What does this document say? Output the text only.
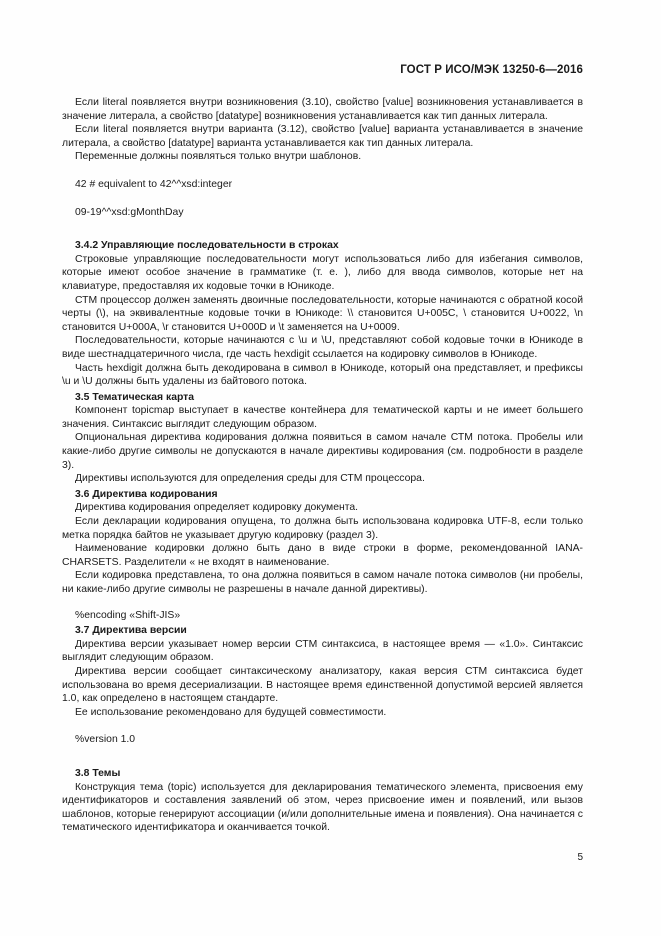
ГОСТ Р ИСО/МЭК 13250-6—2016

Если literal появляется внутри возникновения (3.10), свойство [value] возникновения устанавливается в значение литерала, а свойство [datatype] возникновения устанавливается как тип данных литерала.

Если literal появляется внутри варианта (3.12), свойство [value] варианта устанавливается в значение литерала, а свойство [datatype] варианта устанавливается как тип данных литерала.

Переменные должны появляться только внутри шаблонов.

42 # equivalent to 42^^xsd:integer

09-19^^xsd:gMonthDay

3.4.2 Управляющие последовательности в строках

Строковые управляющие последовательности могут использоваться либо для избегания символов, которые имеют особое значение в грамматике (т. е. ), либо для ввода символов, которые нет на клавиатуре, предоставляя их кодовые точки в Юникоде.

СТМ процессор должен заменять двоичные последовательности, которые начинаются с обратной косой черты (\), на эквивалентные кодовые точки в Юникоде: \\ становится U+005C, \ становится U+0022, \n становится U+000A, \r становится U+000D и \t заменяется на U+0009.

Последовательности, которые начинаются с \u и \U, представляют собой кодовые точки в Юникоде в виде шестнадцатеричного числа, где часть hexdigit ссылается на кодировку символов в Юникоде.

Часть hexdigit должна быть декодирована в символ в Юникоде, который она представляет, и префиксы \u и \U должны быть удалены из байтового потока.

3.5 Тематическая карта

Компонент topicmap выступает в качестве контейнера для тематической карты и не имеет большего значения. Синтаксис выглядит следующим образом.

Опциональная директива кодирования должна появиться в самом начале СТМ потока. Пробелы или какие-либо другие символы не допускаются в начале директивы кодирования (см. подробности в разделе 3).

Директивы используются для определения среды для СТМ процессора.

3.6 Директива кодирования

Директива кодирования определяет кодировку документа.

Если декларации кодирования опущена, то должна быть использована кодировка UTF-8, если только метка порядка байтов не указывает другую кодировку (раздел 3).

Наименование кодировки должно быть дано в виде строки в форме, рекомендованной IANA-CHARSETS. Разделители « не входят в наименование.

Если кодировка представлена, то она должна появиться в самом начале потока символов (ни пробелы, ни какие-либо другие символы не разрешены в начале данной директивы).

%encoding «Shift-JIS»

3.7 Директива версии

Директива версии указывает номер версии СТМ синтаксиса, в настоящее время — «1.0». Синтаксис выглядит следующим образом.

Директива версии сообщает синтаксическому анализатору, какая версия СТМ синтаксиса будет использована во время десериализации. В настоящее время единственной допустимой версией является 1.0, как определено в настоящем стандарте.

Ее использование рекомендовано для будущей совместимости.

%version 1.0

3.8 Темы

Конструкция тема (topic) используется для декларирования тематического элемента, присвоения ему идентификаторов и составления заявлений об этом, через присвоение имен и появлений, или вызов шаблонов, которые генерируют ассоциации (и/или дополнительные имена и появления). Она начинается с тематического идентификатора и оканчивается точкой.

5
